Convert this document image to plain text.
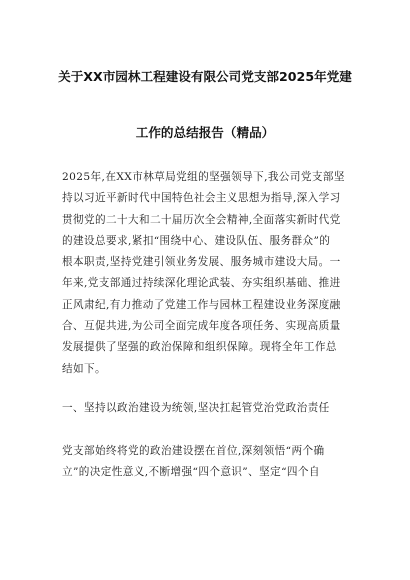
关于XX市园林工程建设有限公司党支部2025年党建
工作的总结报告（精品）
2025年,在XX市林草局党组的坚强领导下,我公司党支部坚
持以习近平新时代中国特色社会主义思想为指导,深入学习
贯彻党的二十大和二十届历次全会精神,全面落实新时代党
的建设总要求,紧扣“围绕中心、建设队伍、服务群众”的
根本职责,坚持党建引领业务发展、服务城市建设大局。一
年来,党支部通过持续深化理论武装、夯实组织基础、推进
正风肃纪,有力推动了党建工作与园林工程建设业务深度融
合、互促共进,为公司全面完成年度各项任务、实现高质量
发展提供了坚强的政治保障和组织保障。现将全年工作总
结如下。
一、坚持以政治建设为统领,坚决扛起管党治党政治责任
党支部始终将党的政治建设摆在首位,深刻领悟“两个确
立”的决定性意义,不断增强“四个意识”、坚定“四个自
